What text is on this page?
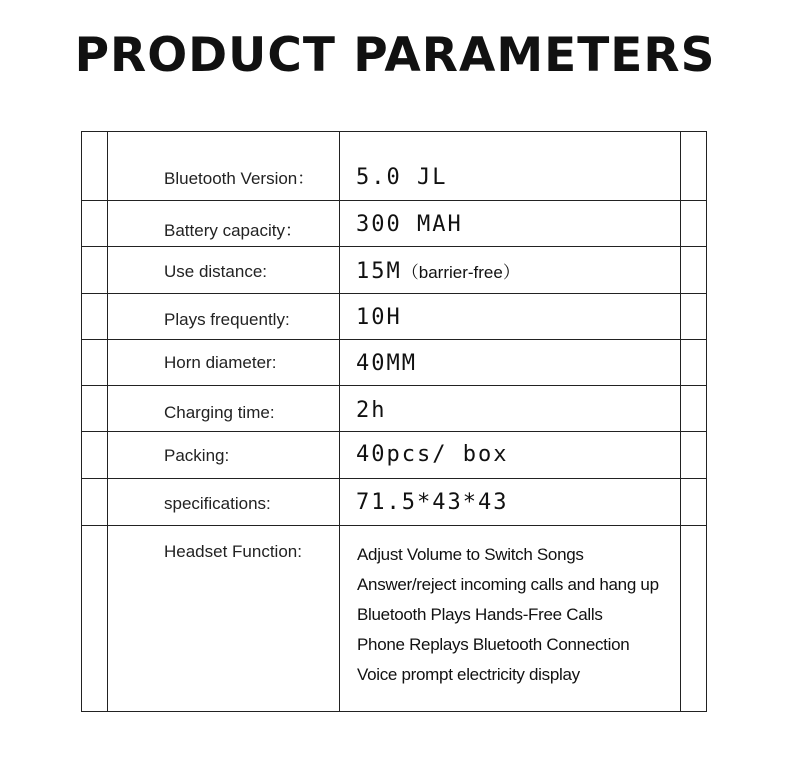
PRODUCT PARAMETERS
Bluetooth Version： 5.0 JL
Battery capacity： 300 MAH
Use distance:	15M（barrier-free）
Plays frequently:	10H
Horn diameter:	40MM
Charging time:	2h
Packing:	40pcs/ box
specifications:	71.5*43*43
Headset Function:	Adjust Volume to Switch Songs
Answer/reject incoming calls and hang up
Bluetooth Plays Hands-Free Calls
Phone Replays Bluetooth Connection
Voice prompt electricity display
